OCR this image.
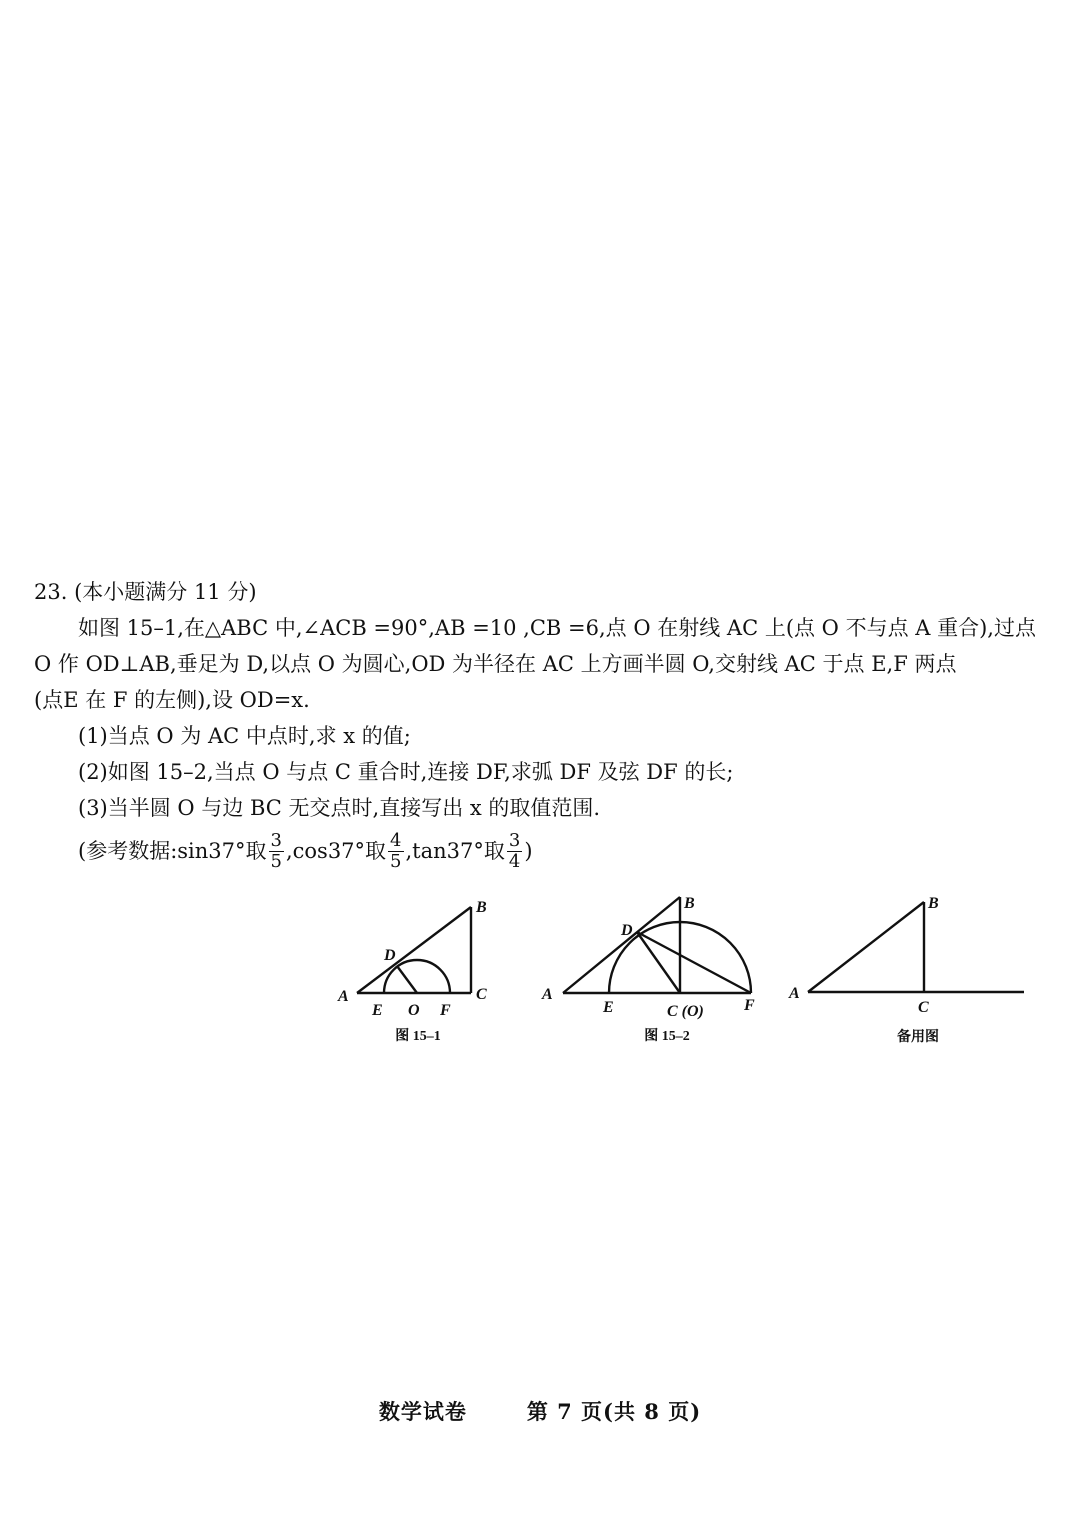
23. (本小题满分 11 分)
如图 15–1,在△ABC 中,∠ACB =90°,AB =10 ,CB =6,点 O 在射线 AC 上(点 O 不与点 A 重合),过点
O 作 OD⊥AB,垂足为 D,以点 O 为圆心,OD 为半径在 AC 上方画半圆 O,交射线 AC 于点 E,F 两点
(点E 在 F 的左侧),设 OD=x.
(1)当点 O 为 AC 中点时,求 x 的值;
(2)如图 15–2,当点 O 与点 C 重合时,连接 DF,求弧 DF 及弦 DF 的长;
(3)当半圆 O 与边 BC 无交点时,直接写出 x 的取值范围.
(参考数据:sin37°取 $\frac{3}{5} ,\cos 37^\circ$取 $\frac{4}{5} ,\tan 37^\circ$取 $\frac{3}{4}$ )
A
B
C
D
E O F
图 15–1
A
B
D
E	C (O)	F
图 15–2
A
B
C
备用图
数学试卷	第 7 页(共 8 页)
